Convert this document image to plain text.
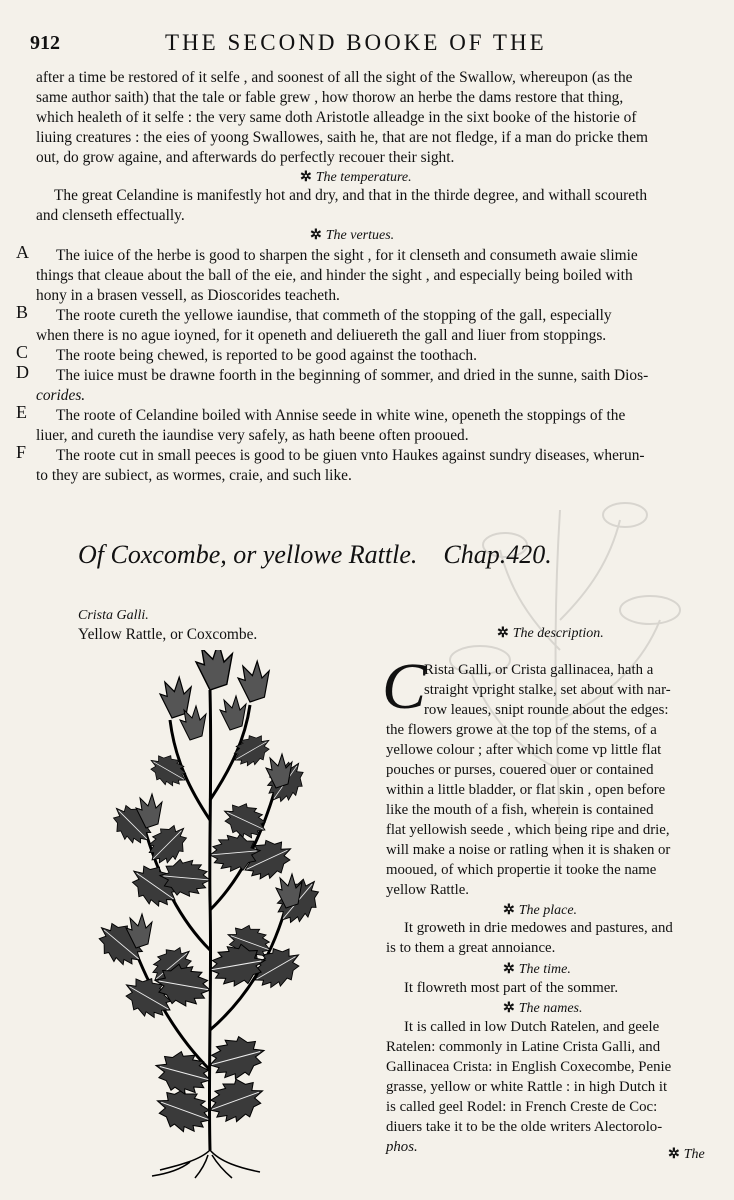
912	THE SECOND BOOKE OF THE
after a time be restored of it selfe , and soonest of all the sight of the Swallow, whereupon (as the
same author saith) that the tale or fable grew , how thorow an herbe the dams restore that thing,
which healeth of it selfe : the very same doth Aristotle alleadge in the sixt booke of the historie of
liuing creatures : the eies of yoong Swallowes, saith he, that are not fledge, if a man do pricke them
out, do grow againe, and afterwards do perfectly recouer their sight.
✲ The temperature.
The great Celandine is manifestly hot and dry, and that in the thirde degree, and withall scoureth
and clenseth effectually.
✲ The vertues.
A The iuice of the herbe is good to sharpen the sight , for it clenseth and consumeth awaie slimie
things that cleaue about the ball of the eie, and hinder the sight , and especially being boiled with
hony in a brasen vessell, as Dioscorides teacheth.
B The roote cureth the yellowe iaundise, that commeth of the stopping of the gall, especially
when there is no ague ioyned, for it openeth and deliuereth the gall and liuer from stoppings.
C The roote being chewed, is reported to be good against the toothach.
D The iuice must be drawne foorth in the beginning of sommer, and dried in the sunne, saith Dios-
corides.
E The roote of Celandine boiled with Annise seede in white wine, openeth the stoppings of the
liuer, and cureth the iaundise very safely, as hath beene often prooued.
F The roote cut in small peeces is good to be giuen vnto Haukes against sundry diseases, wherun-
to they are subiect, as wormes, craie, and such like.
Of Coxcombe, or yellowe Rattle. Chap.420.
Crista Galli.
Yellow Rattle, or Coxcombe.	✲ The description.
C
Rista Galli, or Crista gallinacea, hath a
straight vpright stalke, set about with nar-
row leaues, snipt rounde about the edges:
the flowers growe at the top of the stems, of a
yellowe colour ; after which come vp little flat
pouches or purses, couered ouer or contained
within a little bladder, or flat skin , open before
like the mouth of a fish, wherein is contained
flat yellowish seede , which being ripe and drie,
will make a noise or ratling when it is shaken or
mooued, of which propertie it tooke the name
yellow Rattle.
✲ The place.
It groweth in drie medowes and pastures, and
is to them a great annoiance.
✲ The time.
It flowreth most part of the sommer.
✲ The names.
It is called in low Dutch Ratelen, and geele
Ratelen: commonly in Latine Crista Galli, and
Gallinacea Crista: in English Coxecombe, Penie
grasse, yellow or white Rattle : in high Dutch it
is called geel Rodel: in French Creste de Coc:
diuers take it to be the olde writers Alectorolo-
phos.	✲ The
